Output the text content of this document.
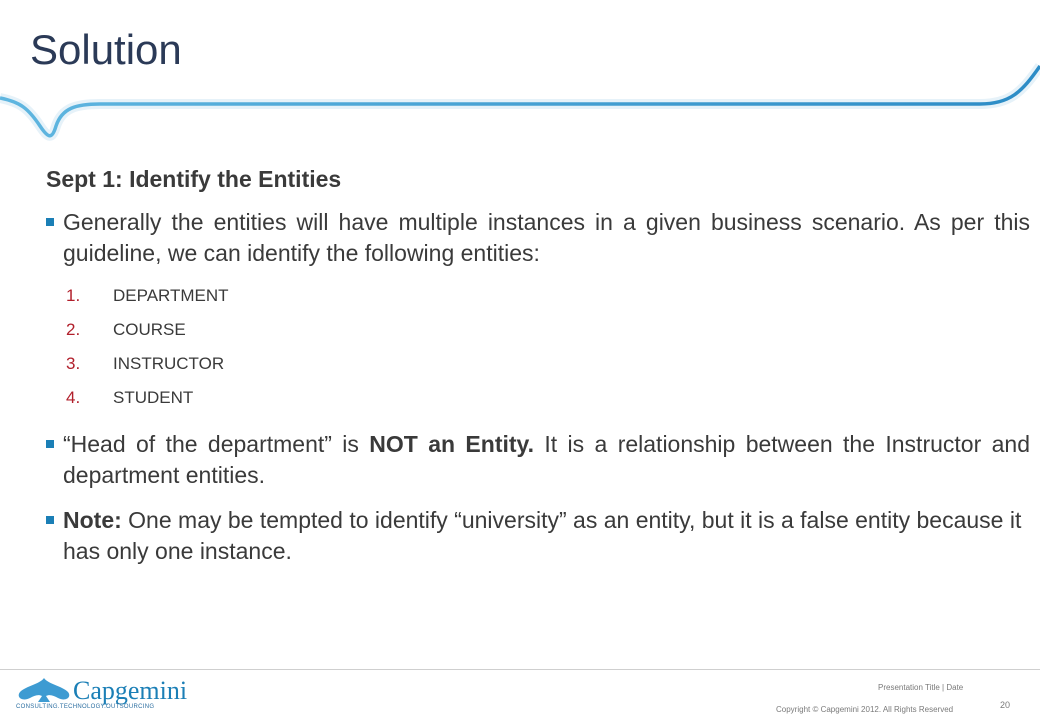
Solution

Sept 1: Identify the Entities

Generally the entities will have multiple instances in a given business scenario. As per this guideline, we can identify the following entities:
1. DEPARTMENT
2. COURSE
3. INSTRUCTOR
4. STUDENT
“Head of the department” is NOT an Entity. It is a relationship between the Instructor and department entities.
Note: One may be tempted to identify “university” as an entity, but it is a false entity because it has only one instance.
Capgemini
CONSULTING.TECHNOLOGY.OUTSOURCING
Presentation Title | Date
Copyright © Capgemini 2012. All Rights Reserved	20
